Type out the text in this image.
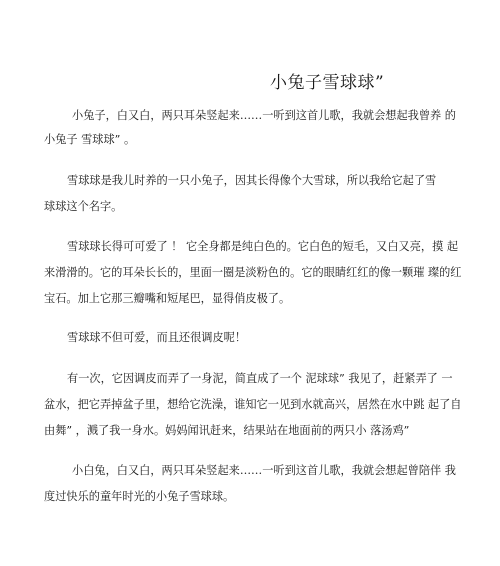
小兔子雪球球”
小兔子，白又白，两只耳朵竖起来……一听到这首儿歌，我就会想起我曾养 的
小兔子 雪球球” 。
雪球球是我儿时养的一只小兔子，因其长得像个大雪球，所以我给它起了雪
球球这个名字。
雪球球长得可可爱了 ！ 它全身都是纯白色的。它白色的短毛，又白又亮，摸 起
来滑滑的。它的耳朵长长的，里面一圈是淡粉色的。它的眼睛红红的像一颗璀 璨的红
宝石。加上它那三瓣嘴和短尾巴，显得俏皮极了。
雪球球不但可爱，而且还很调皮呢！
有一次，它因调皮而弄了一身泥，简直成了一个 泥球球” 我见了，赶紧弄了 一
盆水，把它弄掉盆子里，想给它洗澡，谁知它一见到水就高兴，居然在水中跳 起了自
由舞” ，溅了我一身水。妈妈闻讯赶来，结果站在地面前的两只小 落汤鸡”
小白兔，白又白，两只耳朵竖起来……一听到这首儿歌，我就会想起曾陪伴 我
度过快乐的童年时光的小兔子雪球球。
